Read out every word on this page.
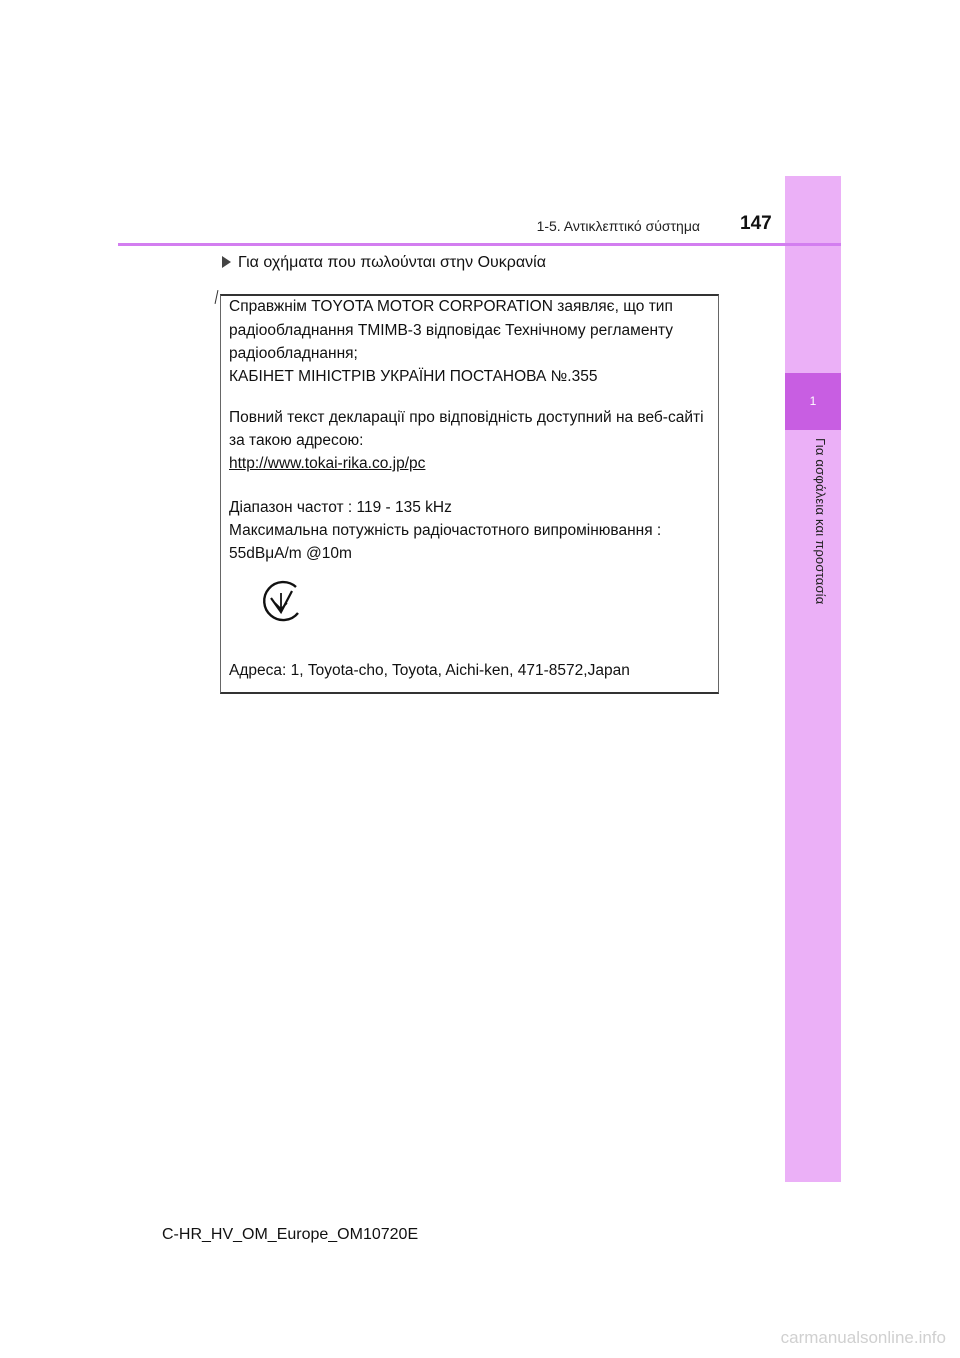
1
Για ασφάλεια και προστασία
1-5. Αντικλεπτικό σύστημα 147
Για οχήματα που πωλούνται στην Ουκρανία
Справжнім TOYOTA MOTOR CORPORATION заявляє, що тип
радіообладнання TMIMB-3 відповідає Технічному регламенту
радіообладнання;
КАБІНЕТ МІНІСТРІВ УКРАЇНИ ПОСТАНОВА №.355
Повний текст декларації про відповідність доступний на веб-сайті
за такою адресою:
http://www.tokai-rika.co.jp/pc
Діапазон частот : 119 - 135 kHz
Максимальна потужність радіочастотного випромінювання :
55dBμA/m @10m
Адреса: 1, Toyota-cho, Toyota, Aichi-ken, 471-8572,Japan
C-HR_HV_OM_Europe_OM10720E
carmanualsonline.info
